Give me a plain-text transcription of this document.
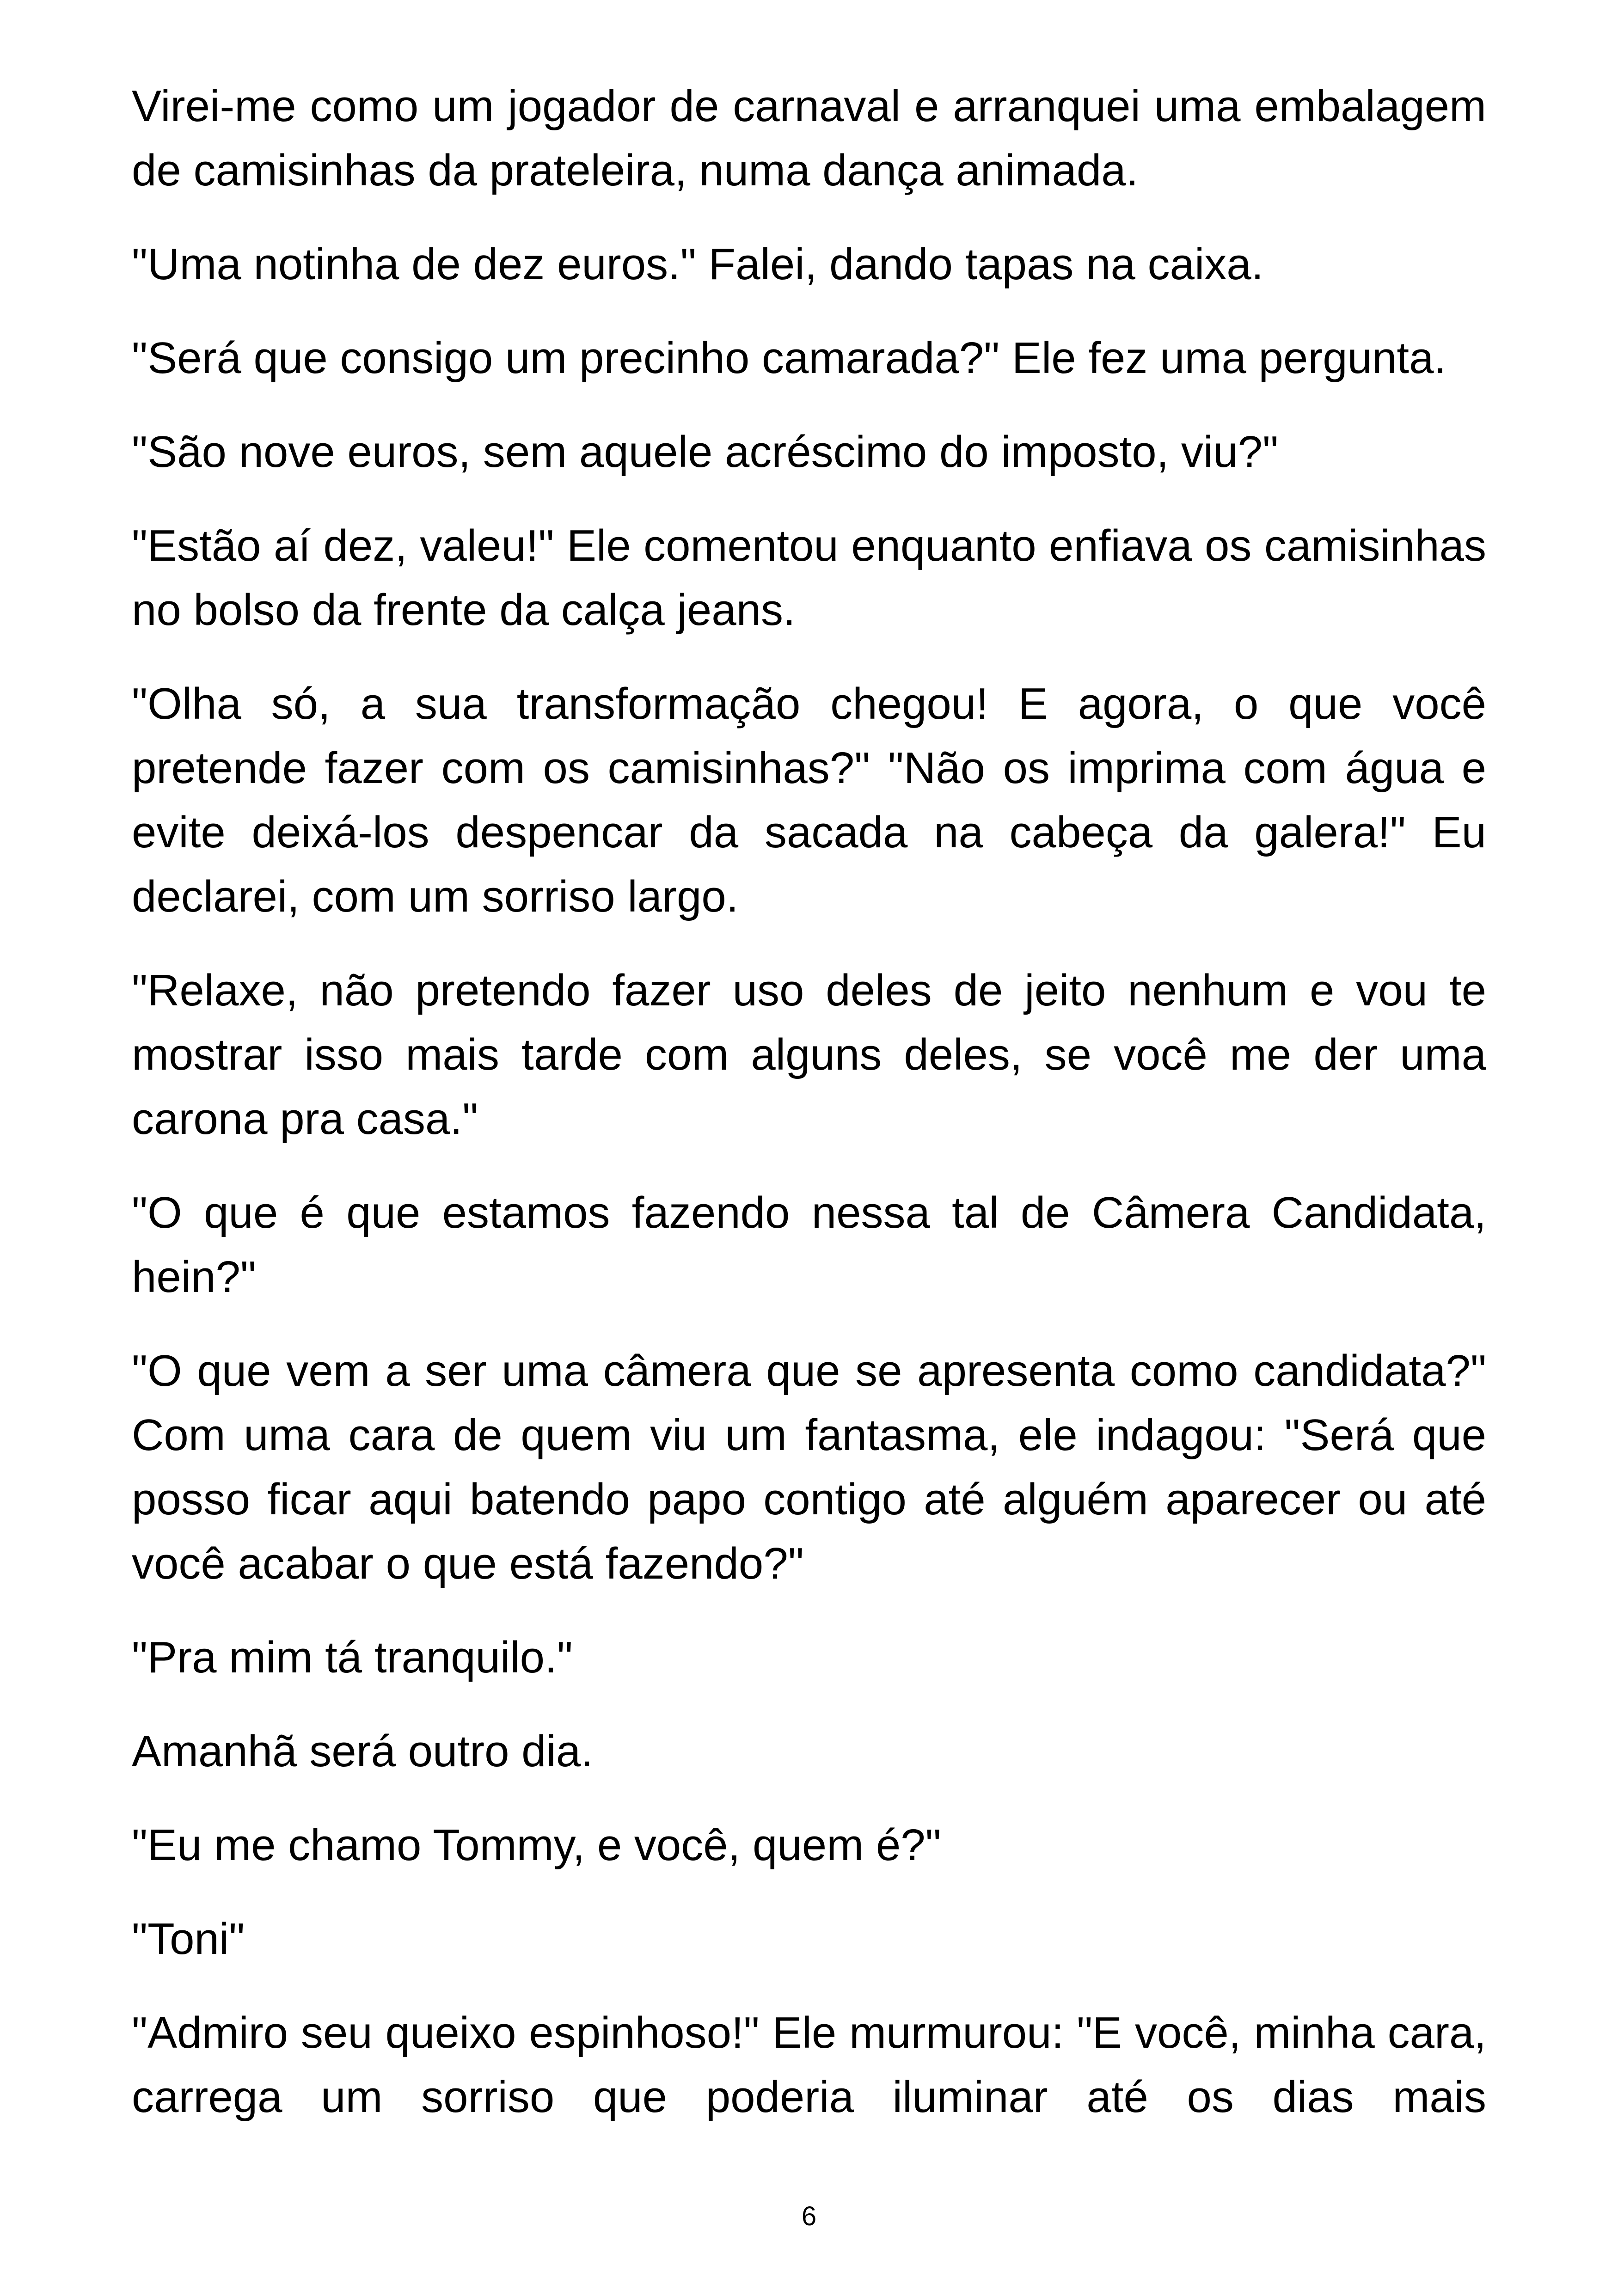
Virei-me como um jogador de carnaval e arranquei uma embalagem de camisinhas da prateleira, numa dança animada.

"Uma notinha de dez euros." Falei, dando tapas na caixa.

"Será que consigo um precinho camarada?" Ele fez uma pergunta.

"São nove euros, sem aquele acréscimo do imposto, viu?"

"Estão aí dez, valeu!" Ele comentou enquanto enfiava os camisinhas no bolso da frente da calça jeans.

"Olha só, a sua transformação chegou! E agora, o que você pretende fazer com os camisinhas?" "Não os imprima com água e evite deixá-los despencar da sacada na cabeça da galera!" Eu declarei, com um sorriso largo.

"Relaxe, não pretendo fazer uso deles de jeito nenhum e vou te mostrar isso mais tarde com alguns deles, se você me der uma carona pra casa."

"O que é que estamos fazendo nessa tal de Câmera Candidata, hein?"

"O que vem a ser uma câmera que se apresenta como candidata?" Com uma cara de quem viu um fantasma, ele indagou: "Será que posso ficar aqui batendo papo contigo até alguém aparecer ou até você acabar o que está fazendo?"

"Pra mim tá tranquilo."

Amanhã será outro dia.

"Eu me chamo Tommy, e você, quem é?"

"Toni"

"Admiro seu queixo espinhoso!" Ele murmurou: "E você, minha cara, carrega um sorriso que poderia iluminar até os dias mais

6
